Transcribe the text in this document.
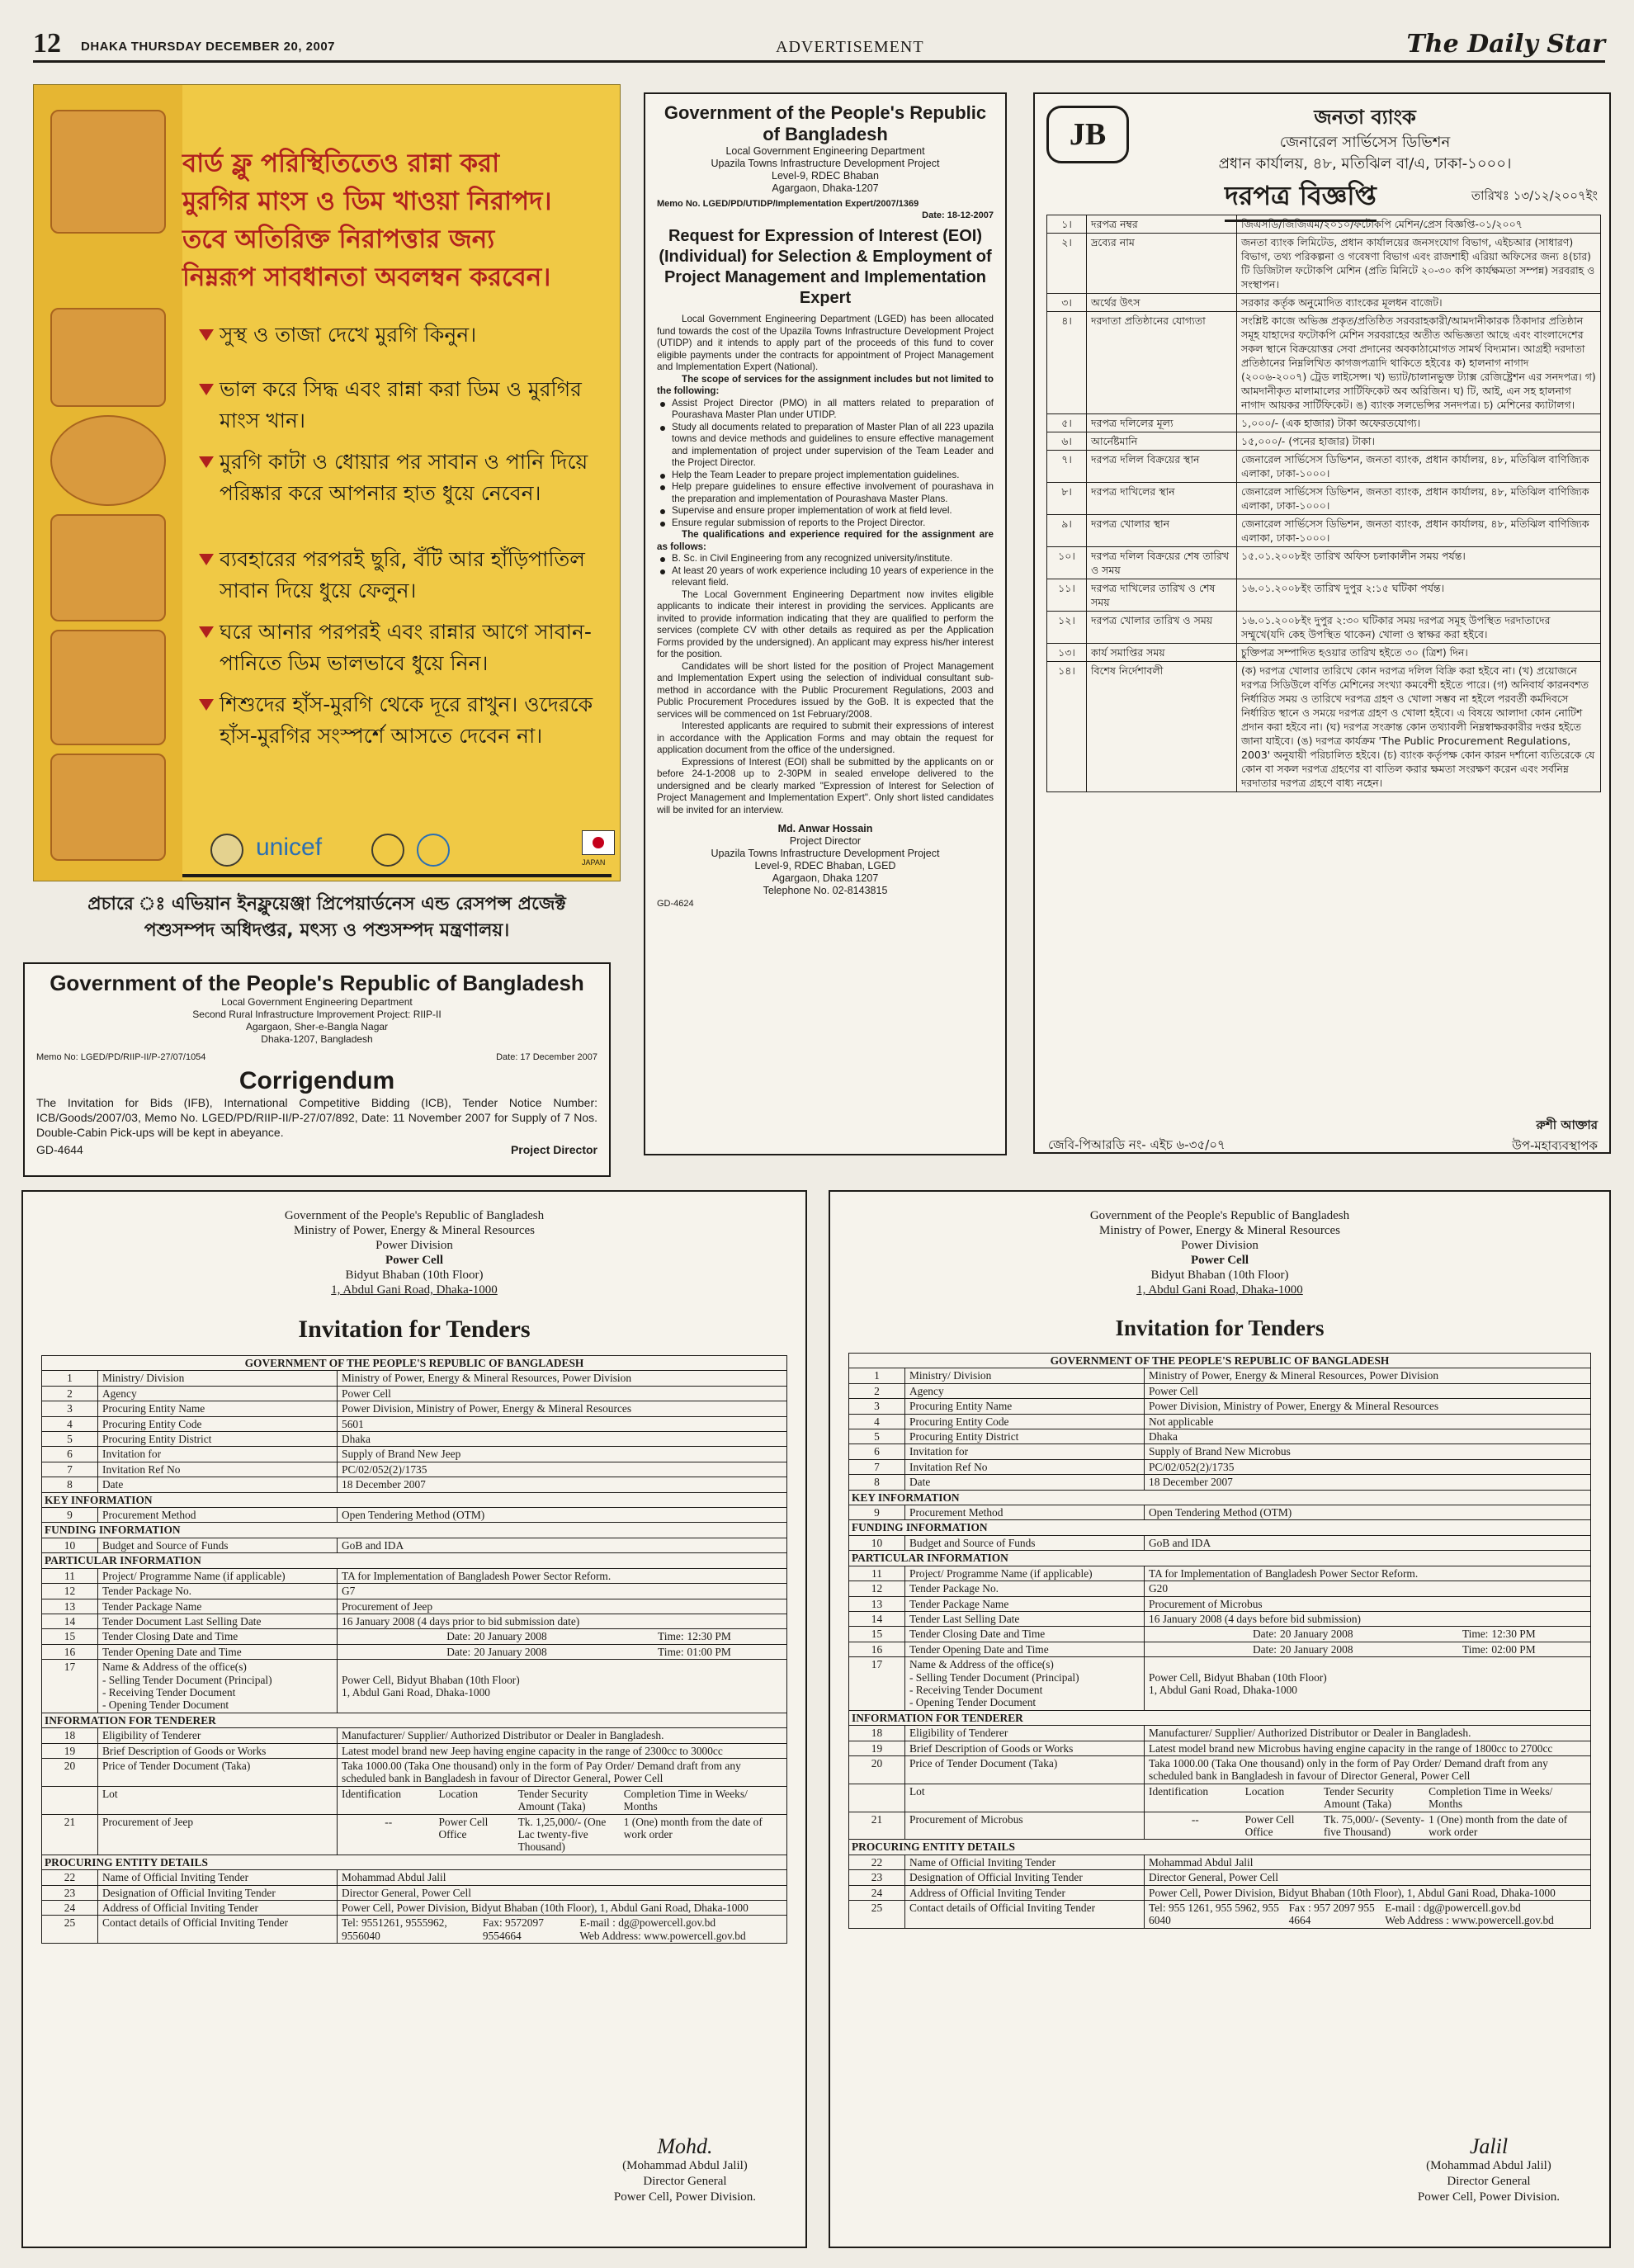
12 DHAKA THURSDAY DECEMBER 20, 2007	ADVERTISEMENT	The Daily Star
বার্ড ফ্লু পরিস্থিতিতেও রান্না করা
মুরগির মাংস ও ডিম খাওয়া নিরাপদ।
তবে অতিরিক্ত নিরাপত্তার জন্য
নিম্নরূপ সাবধানতা অবলম্বন করবেন।
সুস্থ ও তাজা দেখে মুরগি কিনুন।
ভাল করে সিদ্ধ এবং রান্না করা ডিম ও মুরগির মাংস খান।
মুরগি কাটা ও ধোয়ার পর সাবান ও পানি দিয়ে পরিষ্কার করে আপনার হাত ধুয়ে নেবেন।
ব্যবহারের পরপরই ছুরি, বঁটি আর হাঁড়িপাতিল সাবান দিয়ে ধুয়ে ফেলুন।
ঘরে আনার পরপরই এবং রান্নার আগে সাবান-পানিতে ডিম ভালভাবে ধুয়ে নিন।
শিশুদের হাঁস-মুরগি থেকে দূরে রাখুন। ওদেরকে হাঁস-মুরগির সংস্পর্শে আসতে দেবেন না।
unicef
JAPAN
প্রচারে ঃ এভিয়ান ইনফ্লুয়েঞ্জা প্রিপেয়ার্ডনেস এন্ড রেসপন্স প্রজেক্ট
পশুসম্পদ অধিদপ্তর, মৎস্য ও পশুসম্পদ মন্ত্রণালয়।
Government of the People's Republic of Bangladesh
Local Government Engineering Department
Second Rural Infrastructure Improvement Project: RIIP-II
Agargaon, Sher-e-Bangla Nagar
Dhaka-1207, Bangladesh
Memo No: LGED/PD/RIIP-II/P-27/07/1054	Date: 17 December 2007
Corrigendum
The Invitation for Bids (IFB), International Competitive Bidding (ICB), Tender Notice Number: ICB/Goods/2007/03, Memo No. LGED/PD/RIIP-II/P-27/07/892, Date: 11 November 2007 for Supply of 7 Nos. Double-Cabin Pick-ups will be kept in abeyance.
GD-4644	Project Director
Government of the People's Republic of Bangladesh
Local Government Engineering Department
Upazila Towns Infrastructure Development Project
Level-9, RDEC Bhaban
Agargaon, Dhaka-1207
Memo No. LGED/PD/UTIDP/Implementation Expert/2007/1369
Date: 18-12-2007
Request for Expression of Interest (EOI) (Individual) for Selection & Employment of Project Management and Implementation Expert
Local Government Engineering Department (LGED) has been allocated fund towards the cost of the Upazila Towns Infrastructure Development Project (UTIDP) and it intends to apply part of the proceeds of this fund to cover eligible payments under the contracts for appointment of Project Management and Implementation Expert (National).
The scope of services for the assignment includes but not limited to the following:
Assist Project Director (PMO) in all matters related to preparation of Pourashava Master Plan under UTIDP.
Study all documents related to preparation of Master Plan of all 223 upazila towns and device methods and guidelines to ensure effective management and implementation of project under supervision of the Team Leader and the Project Director.
Help the Team Leader to prepare project implementation guidelines.
Help prepare guidelines to ensure effective involvement of pourashava in the preparation and implementation of Pourashava Master Plans.
Supervise and ensure proper implementation of work at field level.
Ensure regular submission of reports to the Project Director.
The qualifications and experience required for the assignment are as follows:
B. Sc. in Civil Engineering from any recognized university/institute.
At least 20 years of work experience including 10 years of experience in the relevant field.
The Local Government Engineering Department now invites eligible applicants to indicate their interest in providing the services. Applicants are invited to provide information indicating that they are qualified to perform the services (complete CV with other details as required as per the Application Forms provided by the undersigned). An applicant may express his/her interest for the position.
Candidates will be short listed for the position of Project Management and Implementation Expert using the selection of individual consultant sub-method in accordance with the Public Procurement Regulations, 2003 and Public Procurement Procedures issued by the GoB. It is expected that the services will be commenced on 1st February/2008.
Interested applicants are required to submit their expressions of interest in accordance with the Application Forms and may obtain the request for application document from the office of the undersigned.
Expressions of Interest (EOI) shall be submitted by the applicants on or before 24-1-2008 up to 2-30PM in sealed envelope delivered to the undersigned and be clearly marked "Expression of Interest for Selection of Project Management and Implementation Expert". Only short listed candidates will be invited for an interview.
Md. Anwar Hossain
Project Director
Upazila Towns Infrastructure Development Project
Level-9, RDEC Bhaban, LGED
Agargaon, Dhaka 1207
Telephone No. 02-8143815
GD-4624
JB	জনতা ব্যাংক
জেনারেল সার্ভিসেস ডিভিশন
প্রধান কার্যালয়, ৪৮, মতিঝিল বা/এ, ঢাকা-১০০০।
দরপত্র বিজ্ঞপ্তি	তারিখঃ ১৩/১২/২০০৭ইং
১।	দরপত্র নম্বর	জিএসডি/জিজিএম/২০১০/ফটোকপি মেশিন/প্রেস বিজ্ঞপ্তি-০১/২০০৭
২।	দ্রব্যের নাম	জনতা ব্যাংক লিমিটেড, প্রধান কার্যালয়ের জনসংযোগ বিভাগ, এইচআর (সাধারণ) বিভাগ, তথ্য পরিকল্পনা ও গবেষণা বিভাগ এবং রাজশাহী এরিয়া অফিসের জন্য ৪(চার) টি ডিজিটাল ফটোকপি মেশিন (প্রতি মিনিটে ২০-৩০ কপি কার্যক্ষমতা সম্পন্ন) সরবরাহ ও সংস্থাপন।
৩।	অর্থের উৎস	সরকার কর্তৃক অনুমোদিত ব্যাংকের মূলধন বাজেট।
৪।	দরদাতা প্রতিষ্ঠানের যোগ্যতা	সংশ্লিষ্ট কাজে অভিজ্ঞ প্রকৃত/প্রতিষ্ঠিত সরবরাহকারী/আমদানীকারক ঠিকাদার প্রতিষ্ঠান সমূহ যাহাদের ফটোকপি মেশিন সরবরাহের অতীত অভিজ্ঞতা আছে এবং বাংলাদেশের সকল স্থানে বিক্রয়োত্তর সেবা প্রদানের অবকাঠামোগত সামর্থ বিদ্যমান। আগ্রহী দরদাতা প্রতিষ্ঠানের নিম্নলিখিত কাগজপত্রাদি থাকিতে হইবেঃ ক) হালনাগ নাগাদ (২০০৬-২০০৭) ট্রেড লাইসেন্স। খ) ভ্যাট/চালানভুক্ত ট্যাক্স রেজিষ্ট্রেশন এর সনদপত্র। গ) আমদানীকৃত মালামালের সার্টিফিকেট অব অরিজিন। ঘ) টি, আই, এন সহ হালনাগ নাগাদ আয়কর সার্টিফিকেট। ঙ) ব্যাংক সলভেন্সির সনদপত্র। চ) মেশিনের ক্যাটালগ।
৫।	দরপত্র দলিলের মূল্য	১,০০০/- (এক হাজার) টাকা অফেরতযোগ্য।
৬।	আর্নেষ্টমানি	১৫,০০০/- (পনের হাজার) টাকা।
৭।	দরপত্র দলিল বিক্রয়ের স্থান	জেনারেল সার্ভিসেস ডিভিশন, জনতা ব্যাংক, প্রধান কার্যালয়, ৪৮, মতিঝিল বাণিজ্যিক এলাকা, ঢাকা-১০০০।
৮।	দরপত্র দাখিলের স্থান	জেনারেল সার্ভিসেস ডিভিশন, জনতা ব্যাংক, প্রধান কার্যালয়, ৪৮, মতিঝিল বাণিজ্যিক এলাকা, ঢাকা-১০০০।
৯।	দরপত্র খোলার স্থান	জেনারেল সার্ভিসেস ডিভিশন, জনতা ব্যাংক, প্রধান কার্যালয়, ৪৮, মতিঝিল বাণিজ্যিক এলাকা, ঢাকা-১০০০।
১০।	দরপত্র দলিল বিক্রয়ের শেষ তারিখ ও সময়	১৫.০১.২০০৮ইং তারিখ অফিস চলাকালীন সময় পর্যন্ত।
১১।	দরপত্র দাখিলের তারিখ ও শেষ সময়	১৬.০১.২০০৮ইং তারিখ দুপুর ২:১৫ ঘটিকা পর্যন্ত।
১২।	দরপত্র খোলার তারিখ ও সময়	১৬.০১.২০০৮ইং দুপুর ২:৩০ ঘটিকার সময় দরপত্র সমূহ উপস্থিত দরদাতাদের সম্মুখে(যদি কেহ উপস্থিত থাকেন) খোলা ও স্বাক্ষর করা হইবে।
১৩।	কার্য সমাপ্তির সময়	চুক্তিপত্র সম্পাদিত হওয়ার তারিখ হইতে ৩০ (ত্রিশ) দিন।
১৪।	বিশেষ নির্দেশাবলী	(ক) দরপত্র খোলার তারিখে কোন দরপত্র দলিল বিক্রি করা হইবে না। (খ) প্রয়োজনে দরপত্র সিডিউলে বর্ণিত মেশিনের সংখ্যা কমবেশী হইতে পারে। (গ) অনিবার্য কারনবশত নির্ধারিত সময় ও তারিখে দরপত্র গ্রহণ ও খোলা সম্ভব না হইলে পরবর্তী কর্মদিবসে নির্ধারিত স্থানে ও সময়ে দরপত্র গ্রহণ ও খোলা হইবে। এ বিষয়ে আলাদা কোন নোটিশ প্রদান করা হইবে না। (ঘ) দরপত্র সংক্রান্ত কোন তথ্যাবলী নিম্নস্বাক্ষরকারীর দপ্তর হইতে জানা যাইবে। (ঙ) দরপত্র কার্যক্রম 'The Public Procurement Regulations, 2003' অনুযায়ী পরিচালিত হইবে। (চ) ব্যাংক কর্তৃপক্ষ কোন কারন দর্শানো ব্যতিরেকে যে কোন বা সকল দরপত্র গ্রহণের বা বাতিল করার ক্ষমতা সংরক্ষণ করেন এবং সর্বনিম্ন দরদাতার দরপত্র গ্রহণে বাধ্য নহেন।
রুশী আক্তার
উপ-মহাব্যবস্থাপক
জেবি-পিআরডি নং- এইচ ৬-৩৫/০৭
Government of the People's Republic of Bangladesh
Ministry of Power, Energy & Mineral Resources
Power Division
Power Cell
Bidyut Bhaban (10th Floor)
1, Abdul Gani Road, Dhaka-1000
Invitation for Tenders
GOVERNMENT OF THE PEOPLE'S REPUBLIC OF BANGLADESH
1	Ministry/ Division	Ministry of Power, Energy & Mineral Resources, Power Division
2	Agency	Power Cell
3	Procuring Entity Name	Power Division, Ministry of Power, Energy & Mineral Resources
4	Procuring Entity Code	5601
5	Procuring Entity District	Dhaka
6	Invitation for	Supply of Brand New Jeep
7	Invitation Ref No	PC/02/052(2)/1735
8	Date	18 December 2007
KEY INFORMATION
9	Procurement Method	Open Tendering Method (OTM)
FUNDING INFORMATION
10	Budget and Source of Funds	GoB and IDA
PARTICULAR INFORMATION
11	Project/ Programme Name (if applicable)	TA for Implementation of Bangladesh Power Sector Reform.
12	Tender Package No.	G7
13	Tender Package Name	Procurement of Jeep
14	Tender Document Last Selling Date	16 January 2008 (4 days prior to bid submission date)
15	Tender Closing Date and Time		Date:	20 January 2008	Time:	12:30 PM

16	Tender Opening Date and Time		Date:	20 January 2008	Time:	01:00 PM

17	Name & Address of the office(s)
- Selling Tender Document (Principal)
- Receiving Tender Document
- Opening Tender Document

Power Cell, Bidyut Bhaban (10th Floor)
1, Abdul Gani Road, Dhaka-1000

INFORMATION FOR TENDERER
18	Eligibility of Tenderer	Manufacturer/ Supplier/ Authorized Distributor or Dealer in Bangladesh.
19	Brief Description of Goods or Works	Latest model brand new Jeep having engine capacity in the range of 2300cc to 3000cc
20	Price of Tender Document (Taka)	Taka 1000.00 (Taka One thousand) only in the form of Pay Order/ Demand draft from any scheduled bank in Bangladesh in favour of Director General, Power Cell
	Lot		Identification	Location	Tender Security Amount (Taka)	Completion Time in Weeks/ Months

21	Procurement of Jeep		--	Power Cell Office	Tk. 1,25,000/- (One Lac twenty-five Thousand)	1 (One) month from the date of work order

PROCURING ENTITY DETAILS
22	Name of Official Inviting Tender	Mohammad Abdul Jalil
23	Designation of Official Inviting Tender	Director General, Power Cell
24	Address of Official Inviting Tender	Power Cell, Power Division, Bidyut Bhaban (10th Floor), 1, Abdul Gani Road, Dhaka-1000
25	Contact details of Official Inviting Tender		Tel: 9551261, 9555962, 9556040	Fax: 9572097 9554664	
E-mail : dg@powercell.gov.bd
Web Address: www.powercell.gov.bd
Mohd.
(Mohammad Abdul Jalil)
Director General
Power Cell, Power Division.
Government of the People's Republic of Bangladesh
Ministry of Power, Energy & Mineral Resources
Power Division
Power Cell
Bidyut Bhaban (10th Floor)
1, Abdul Gani Road, Dhaka-1000
Invitation for Tenders
GOVERNMENT OF THE PEOPLE'S REPUBLIC OF BANGLADESH
1	Ministry/ Division	Ministry of Power, Energy & Mineral Resources, Power Division
2	Agency	Power Cell
3	Procuring Entity Name	Power Division, Ministry of Power, Energy & Mineral Resources
4	Procuring Entity Code	Not applicable
5	Procuring Entity District	Dhaka
6	Invitation for	Supply of Brand New Microbus
7	Invitation Ref No	PC/02/052(2)/1735
8	Date	18 December 2007
KEY INFORMATION
9	Procurement Method	Open Tendering Method (OTM)
FUNDING INFORMATION
10	Budget and Source of Funds	GoB and IDA
PARTICULAR INFORMATION
11	Project/ Programme Name (if applicable)	TA for Implementation of Bangladesh Power Sector Reform.
12	Tender Package No.	G20
13	Tender Package Name	Procurement of Microbus
14	Tender Last Selling Date	16 January 2008 (4 days before bid submission)
15	Tender Closing Date and Time		Date:	20 January 2008	Time:	12:30 PM

16	Tender Opening Date and Time		Date:	20 January 2008	Time:	02:00 PM

17	Name & Address of the office(s)
- Selling Tender Document (Principal)
- Receiving Tender Document
- Opening Tender Document

Power Cell, Bidyut Bhaban (10th Floor)
1, Abdul Gani Road, Dhaka-1000

INFORMATION FOR TENDERER
18	Eligibility of Tenderer	Manufacturer/ Supplier/ Authorized Distributor or Dealer in Bangladesh.
19	Brief Description of Goods or Works	Latest model brand new Microbus having engine capacity in the range of 1800cc to 2700cc
20	Price of Tender Document (Taka)	Taka 1000.00 (Taka One thousand) only in the form of Pay Order/ Demand draft from any scheduled bank in Bangladesh in favour of Director General, Power Cell
	Lot		Identification	Location	Tender Security Amount (Taka)	Completion Time in Weeks/ Months

21	Procurement of Microbus		--	Power Cell Office	Tk. 75,000/- (Seventy-five Thousand)	1 (One) month from the date of work order

PROCURING ENTITY DETAILS
22	Name of Official Inviting Tender	Mohammad Abdul Jalil
23	Designation of Official Inviting Tender	Director General, Power Cell
24	Address of Official Inviting Tender	Power Cell, Power Division, Bidyut Bhaban (10th Floor), 1, Abdul Gani Road, Dhaka-1000
25	Contact details of Official Inviting Tender		Tel: 955 1261, 955 5962, 955 6040	Fax : 957 2097 955 4664	
E-mail : dg@powercell.gov.bd
Web Address : www.powercell.gov.bd
Jalil
(Mohammad Abdul Jalil)
Director General
Power Cell, Power Division.
